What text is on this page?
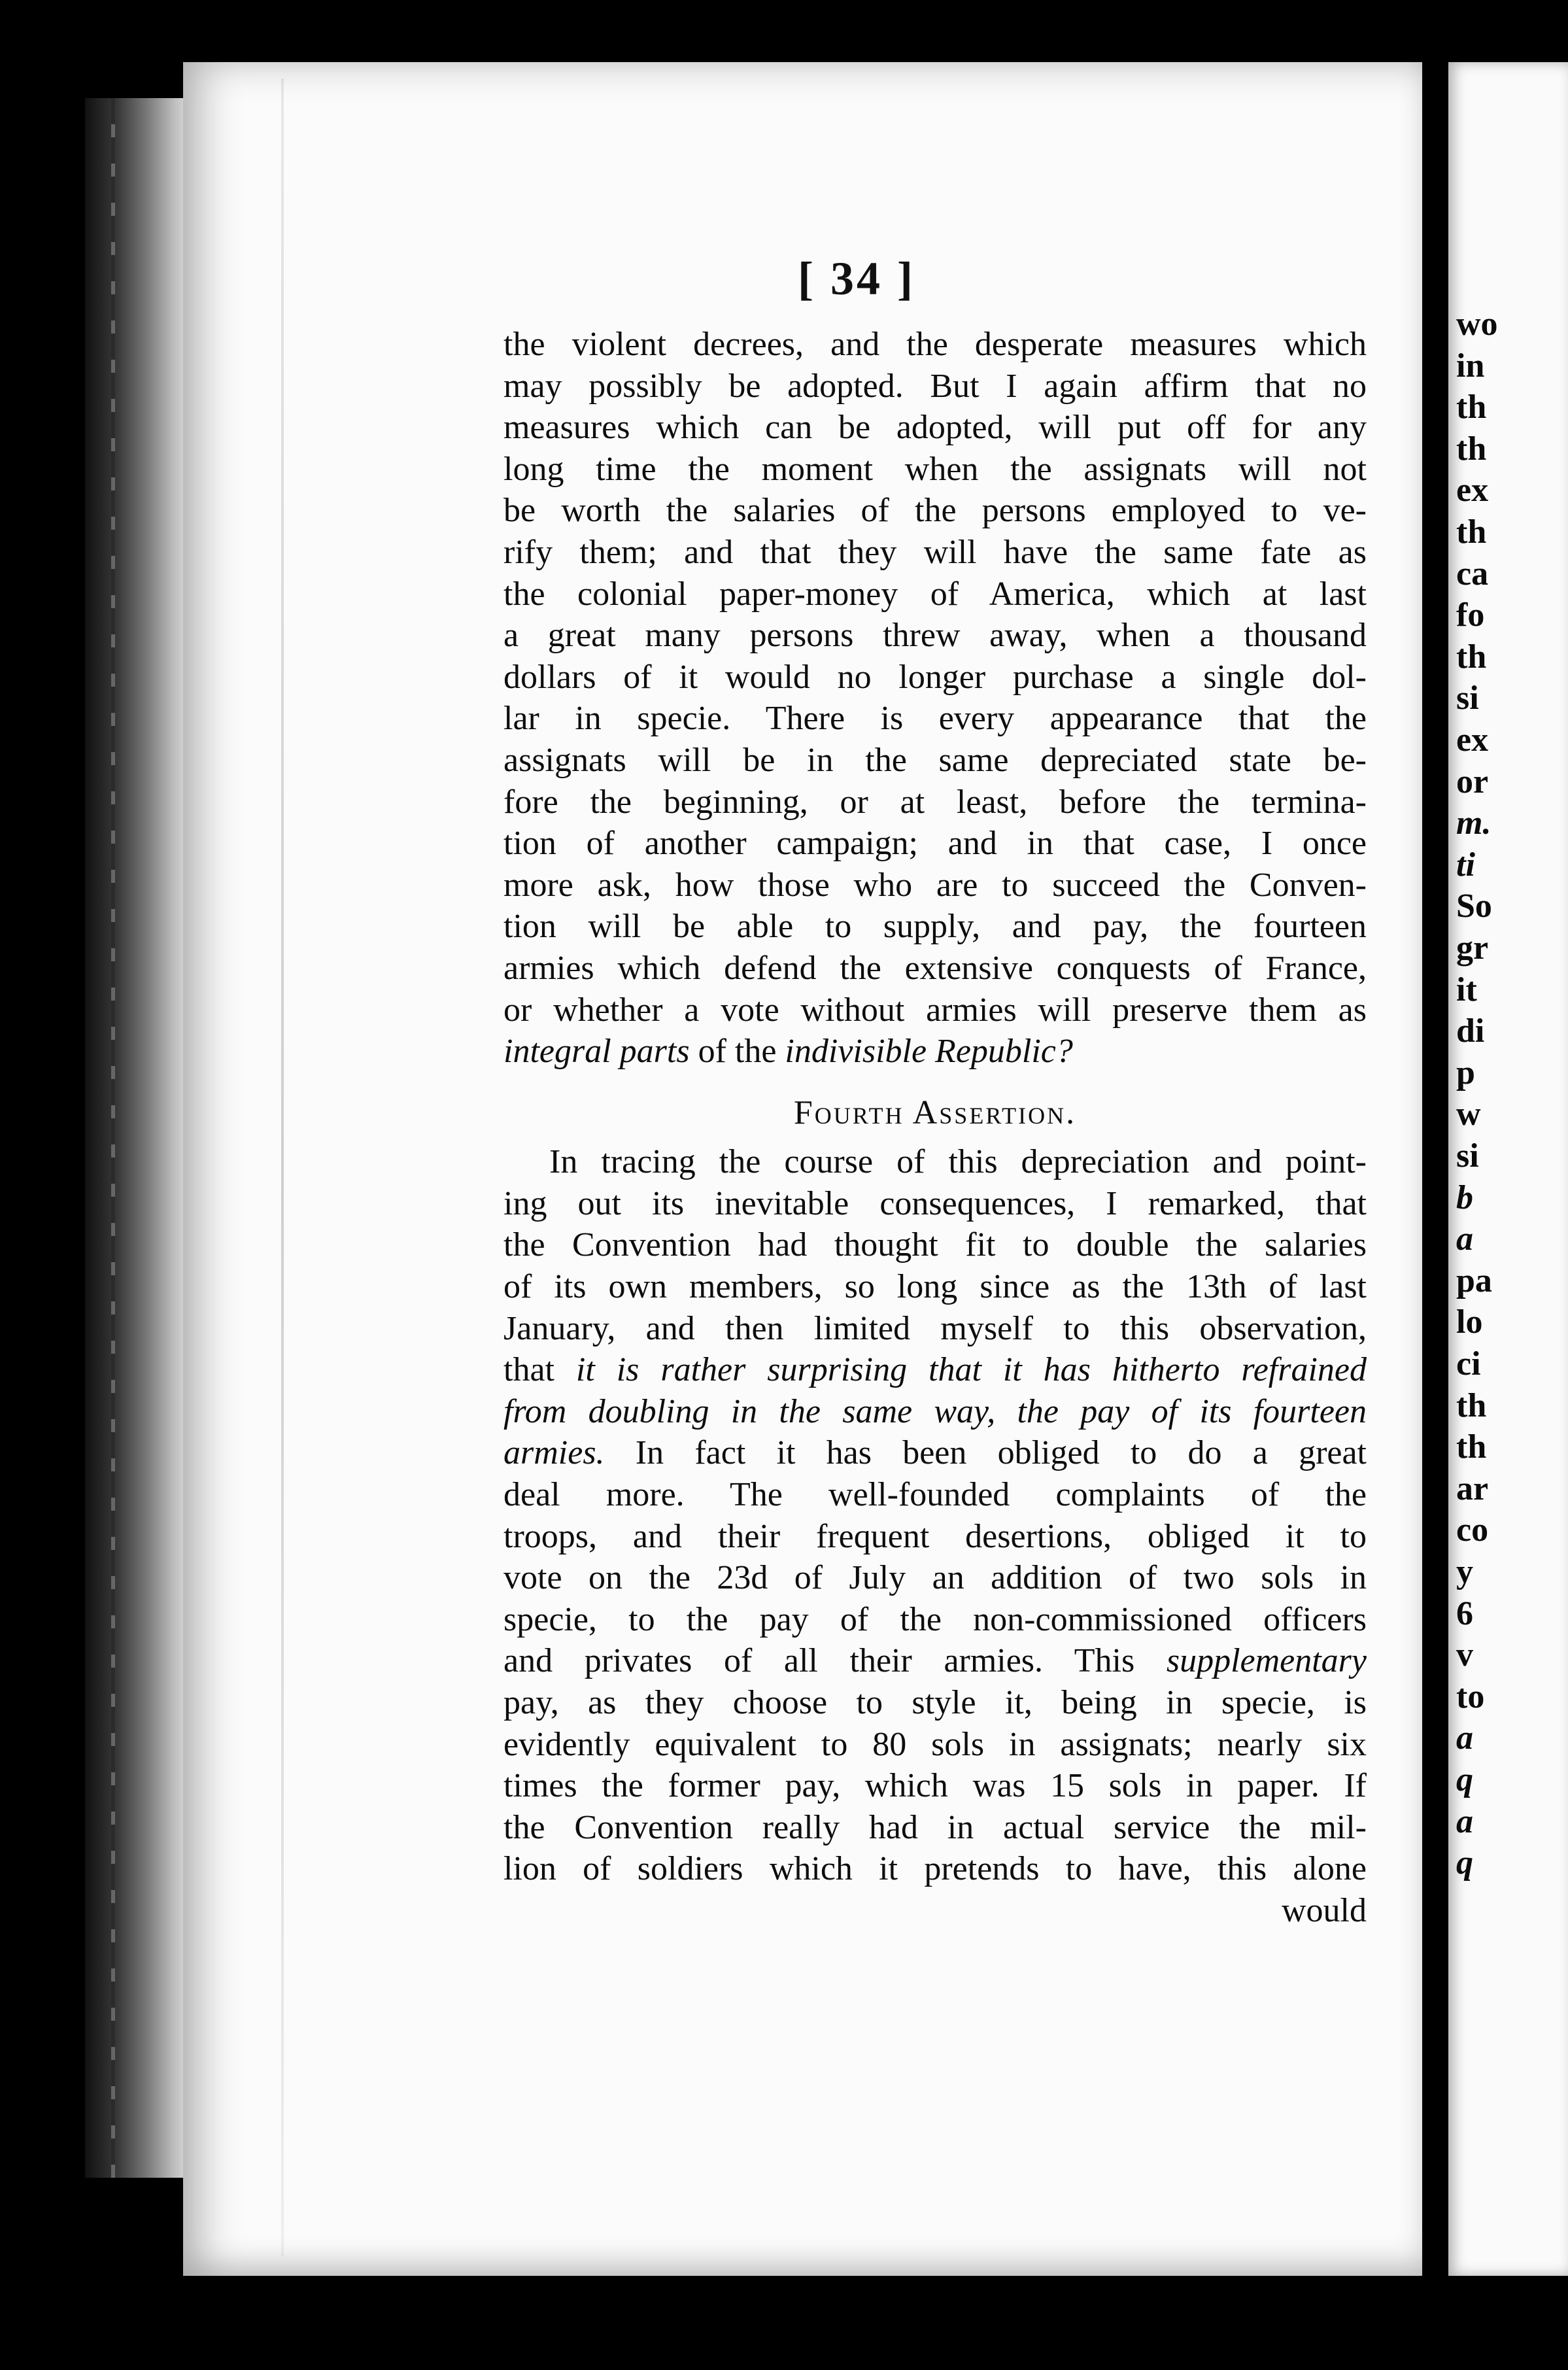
wo
in
th
th
ex
th
ca
fo
th
si
ex
or
m.
ti
So
gr
it
di
p
w
si
b
a
pa
lo
ci
th
th
ar
co
y
6
v
to
a
q
a
q
[ 34 ]
the violent decrees, and the desperate measures which
may possibly be adopted. But I again affirm that no
measures which can be adopted, will put off for any
long time the moment when the assignats will not
be worth the salaries of the persons employed to ve-
rify them; and that they will have the same fate as
the colonial paper-money of America, which at last
a great many persons threw away, when a thousand
dollars of it would no longer purchase a single dol-
lar in specie. There is every appearance that the
assignats will be in the same depreciated state be-
fore the beginning, or at least, before the termina-
tion of another campaign; and in that case, I once
more ask, how those who are to succeed the Conven-
tion will be able to supply, and pay, the fourteen
armies which defend the extensive conquests of France,
or whether a vote without armies will preserve them as
integral parts of the indivisible Republic?
Fourth Assertion.
In tracing the course of this depreciation and point-
ing out its inevitable consequences, I remarked, that
the Convention had thought fit to double the salaries
of its own members, so long since as the 13th of last
January, and then limited myself to this observation,
that it is rather surprising that it has hitherto refrained
from doubling in the same way, the pay of its fourteen
armies. In fact it has been obliged to do a great
deal more. The well-founded complaints of the
troops, and their frequent desertions, obliged it to
vote on the 23d of July an addition of two sols in
specie, to the pay of the non-commissioned officers
and privates of all their armies. This supplementary
pay, as they choose to style it, being in specie, is
evidently equivalent to 80 sols in assignats; nearly six
times the former pay, which was 15 sols in paper. If
the Convention really had in actual service the mil-
lion of soldiers which it pretends to have, this alone
would
